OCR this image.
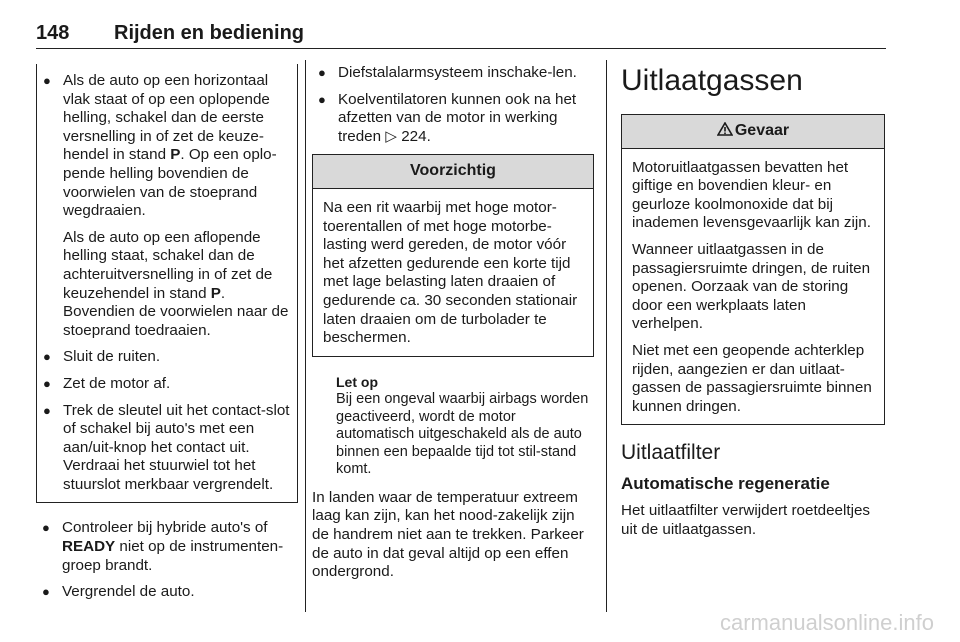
148 Rijden en bediening
● Als de auto op een horizontaal vlak staat of op een oplopende helling, schakel dan de eerste versnelling in of zet de keuze-hendel in stand P. Op een oplo-pende helling bovendien de voorwielen van de stoeprand wegdraaien.
Als de auto op een aflopende helling staat, schakel dan de achteruitversnelling in of zet de keuzehendel in stand P. Bovendien de voorwielen naar de stoeprand toedraaien.
● Sluit de ruiten.
● Zet de motor af.
● Trek de sleutel uit het contact-slot of schakel bij auto's met een aan/uit-knop het contact uit. Verdraai het stuurwiel tot het stuurslot merkbaar vergrendelt.
● Controleer bij hybride auto's of READY niet op de instrumenten-groep brandt.
● Vergrendel de auto.
● Diefstalalarmsysteem inschake-len.
● Koelventilatoren kunnen ook na het afzetten van de motor in werking treden ▷ 224.
Voorzichtig
Na een rit waarbij met hoge motor-toerentallen of met hoge motorbe-lasting werd gereden, de motor vóór het afzetten gedurende een korte tijd met lage belasting laten draaien of gedurende ca. 30 seconden stationair laten draaien om de turbolader te beschermen.
Let op
Bij een ongeval waarbij airbags worden geactiveerd, wordt de motor automatisch uitgeschakeld als de auto binnen een bepaalde tijd tot stil-stand komt.
In landen waar de temperatuur extreem laag kan zijn, kan het nood-zakelijk zijn de handrem niet aan te trekken. Parkeer de auto in dat geval altijd op een effen ondergrond.
Uitlaatgassen
Gevaar
Motoruitlaatgassen bevatten het giftige en bovendien kleur- en geurloze koolmonoxide dat bij inademen levensgevaarlijk kan zijn.
Wanneer uitlaatgassen in de passagiersruimte dringen, de ruiten openen. Oorzaak van de storing door een werkplaats laten verhelpen.
Niet met een geopende achterklep rijden, aangezien er dan uitlaat-gassen de passagiersruimte binnen kunnen dringen.
Uitlaatfilter
Automatische regeneratie
Het uitlaatfilter verwijdert roetdeeltjes uit de uitlaatgassen.
carmanualsonline.info
